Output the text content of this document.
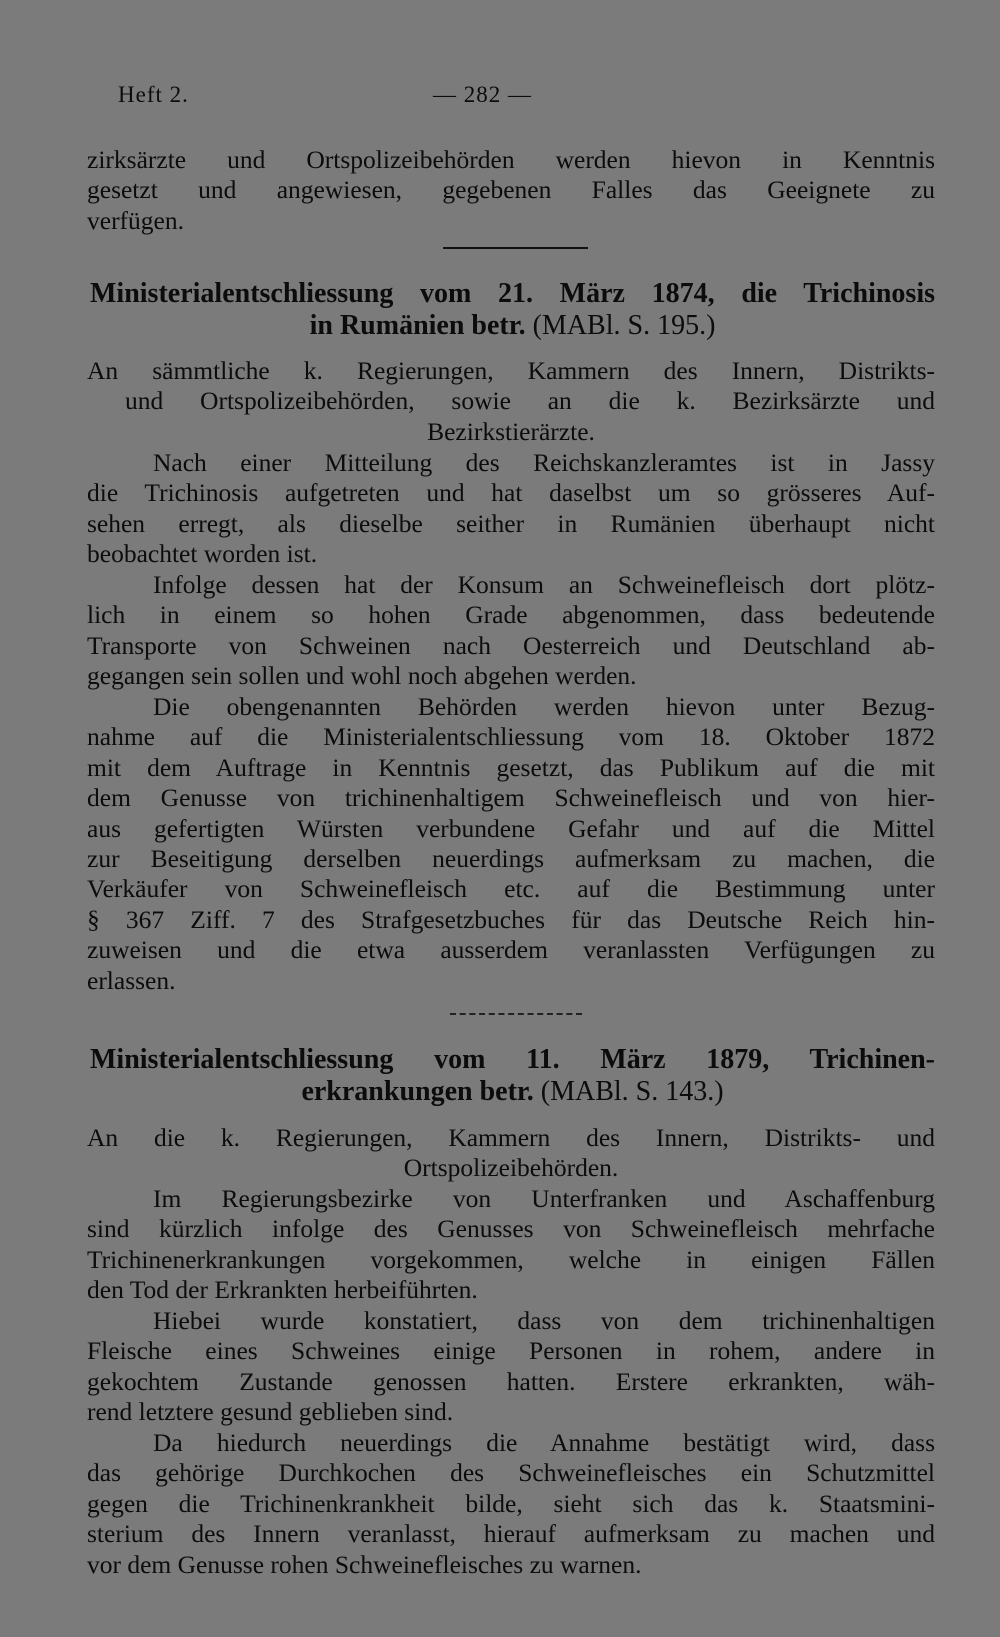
Heft 2.	— 282 —
zirksärzte und Ortspolizeibehörden werden hievon in Kenntnis
gesetzt und angewiesen, gegebenen Falles das Geeignete zu
verfügen.
Ministerialentschliessung vom 21. März 1874, die Trichinosis
in Rumänien betr. (MABl. S. 195.)
An sämmtliche k. Regierungen, Kammern des Innern, Distrikts-
und Ortspolizeibehörden, sowie an die k. Bezirksärzte und
Bezirkstierärzte.
Nach einer Mitteilung des Reichskanzleramtes ist in Jassy
die Trichinosis aufgetreten und hat daselbst um so grösseres Auf-
sehen erregt, als dieselbe seither in Rumänien überhaupt nicht
beobachtet worden ist.
Infolge dessen hat der Konsum an Schweinefleisch dort plötz-
lich in einem so hohen Grade abgenommen, dass bedeutende
Transporte von Schweinen nach Oesterreich und Deutschland ab-
gegangen sein sollen und wohl noch abgehen werden.
Die obengenannten Behörden werden hievon unter Bezug-
nahme auf die Ministerialentschliessung vom 18. Oktober 1872
mit dem Auftrage in Kenntnis gesetzt, das Publikum auf die mit
dem Genusse von trichinenhaltigem Schweinefleisch und von hier-
aus gefertigten Würsten verbundene Gefahr und auf die Mittel
zur Beseitigung derselben neuerdings aufmerksam zu machen, die
Verkäufer von Schweinefleisch etc. auf die Bestimmung unter
§ 367 Ziff. 7 des Strafgesetzbuches für das Deutsche Reich hin-
zuweisen und die etwa ausserdem veranlassten Verfügungen zu
erlassen.
Ministerialentschliessung vom 11. März 1879, Trichinen-
erkrankungen betr. (MABl. S. 143.)
An die k. Regierungen, Kammern des Innern, Distrikts- und
Ortspolizeibehörden.
Im Regierungsbezirke von Unterfranken und Aschaffenburg
sind kürzlich infolge des Genusses von Schweinefleisch mehrfache
Trichinenerkrankungen vorgekommen, welche in einigen Fällen
den Tod der Erkrankten herbeiführten.
Hiebei wurde konstatiert, dass von dem trichinenhaltigen
Fleische eines Schweines einige Personen in rohem, andere in
gekochtem Zustande genossen hatten. Erstere erkrankten, wäh-
rend letztere gesund geblieben sind.
Da hiedurch neuerdings die Annahme bestätigt wird, dass
das gehörige Durchkochen des Schweinefleisches ein Schutzmittel
gegen die Trichinenkrankheit bilde, sieht sich das k. Staatsmini-
sterium des Innern veranlasst, hierauf aufmerksam zu machen und
vor dem Genusse rohen Schweinefleisches zu warnen.
